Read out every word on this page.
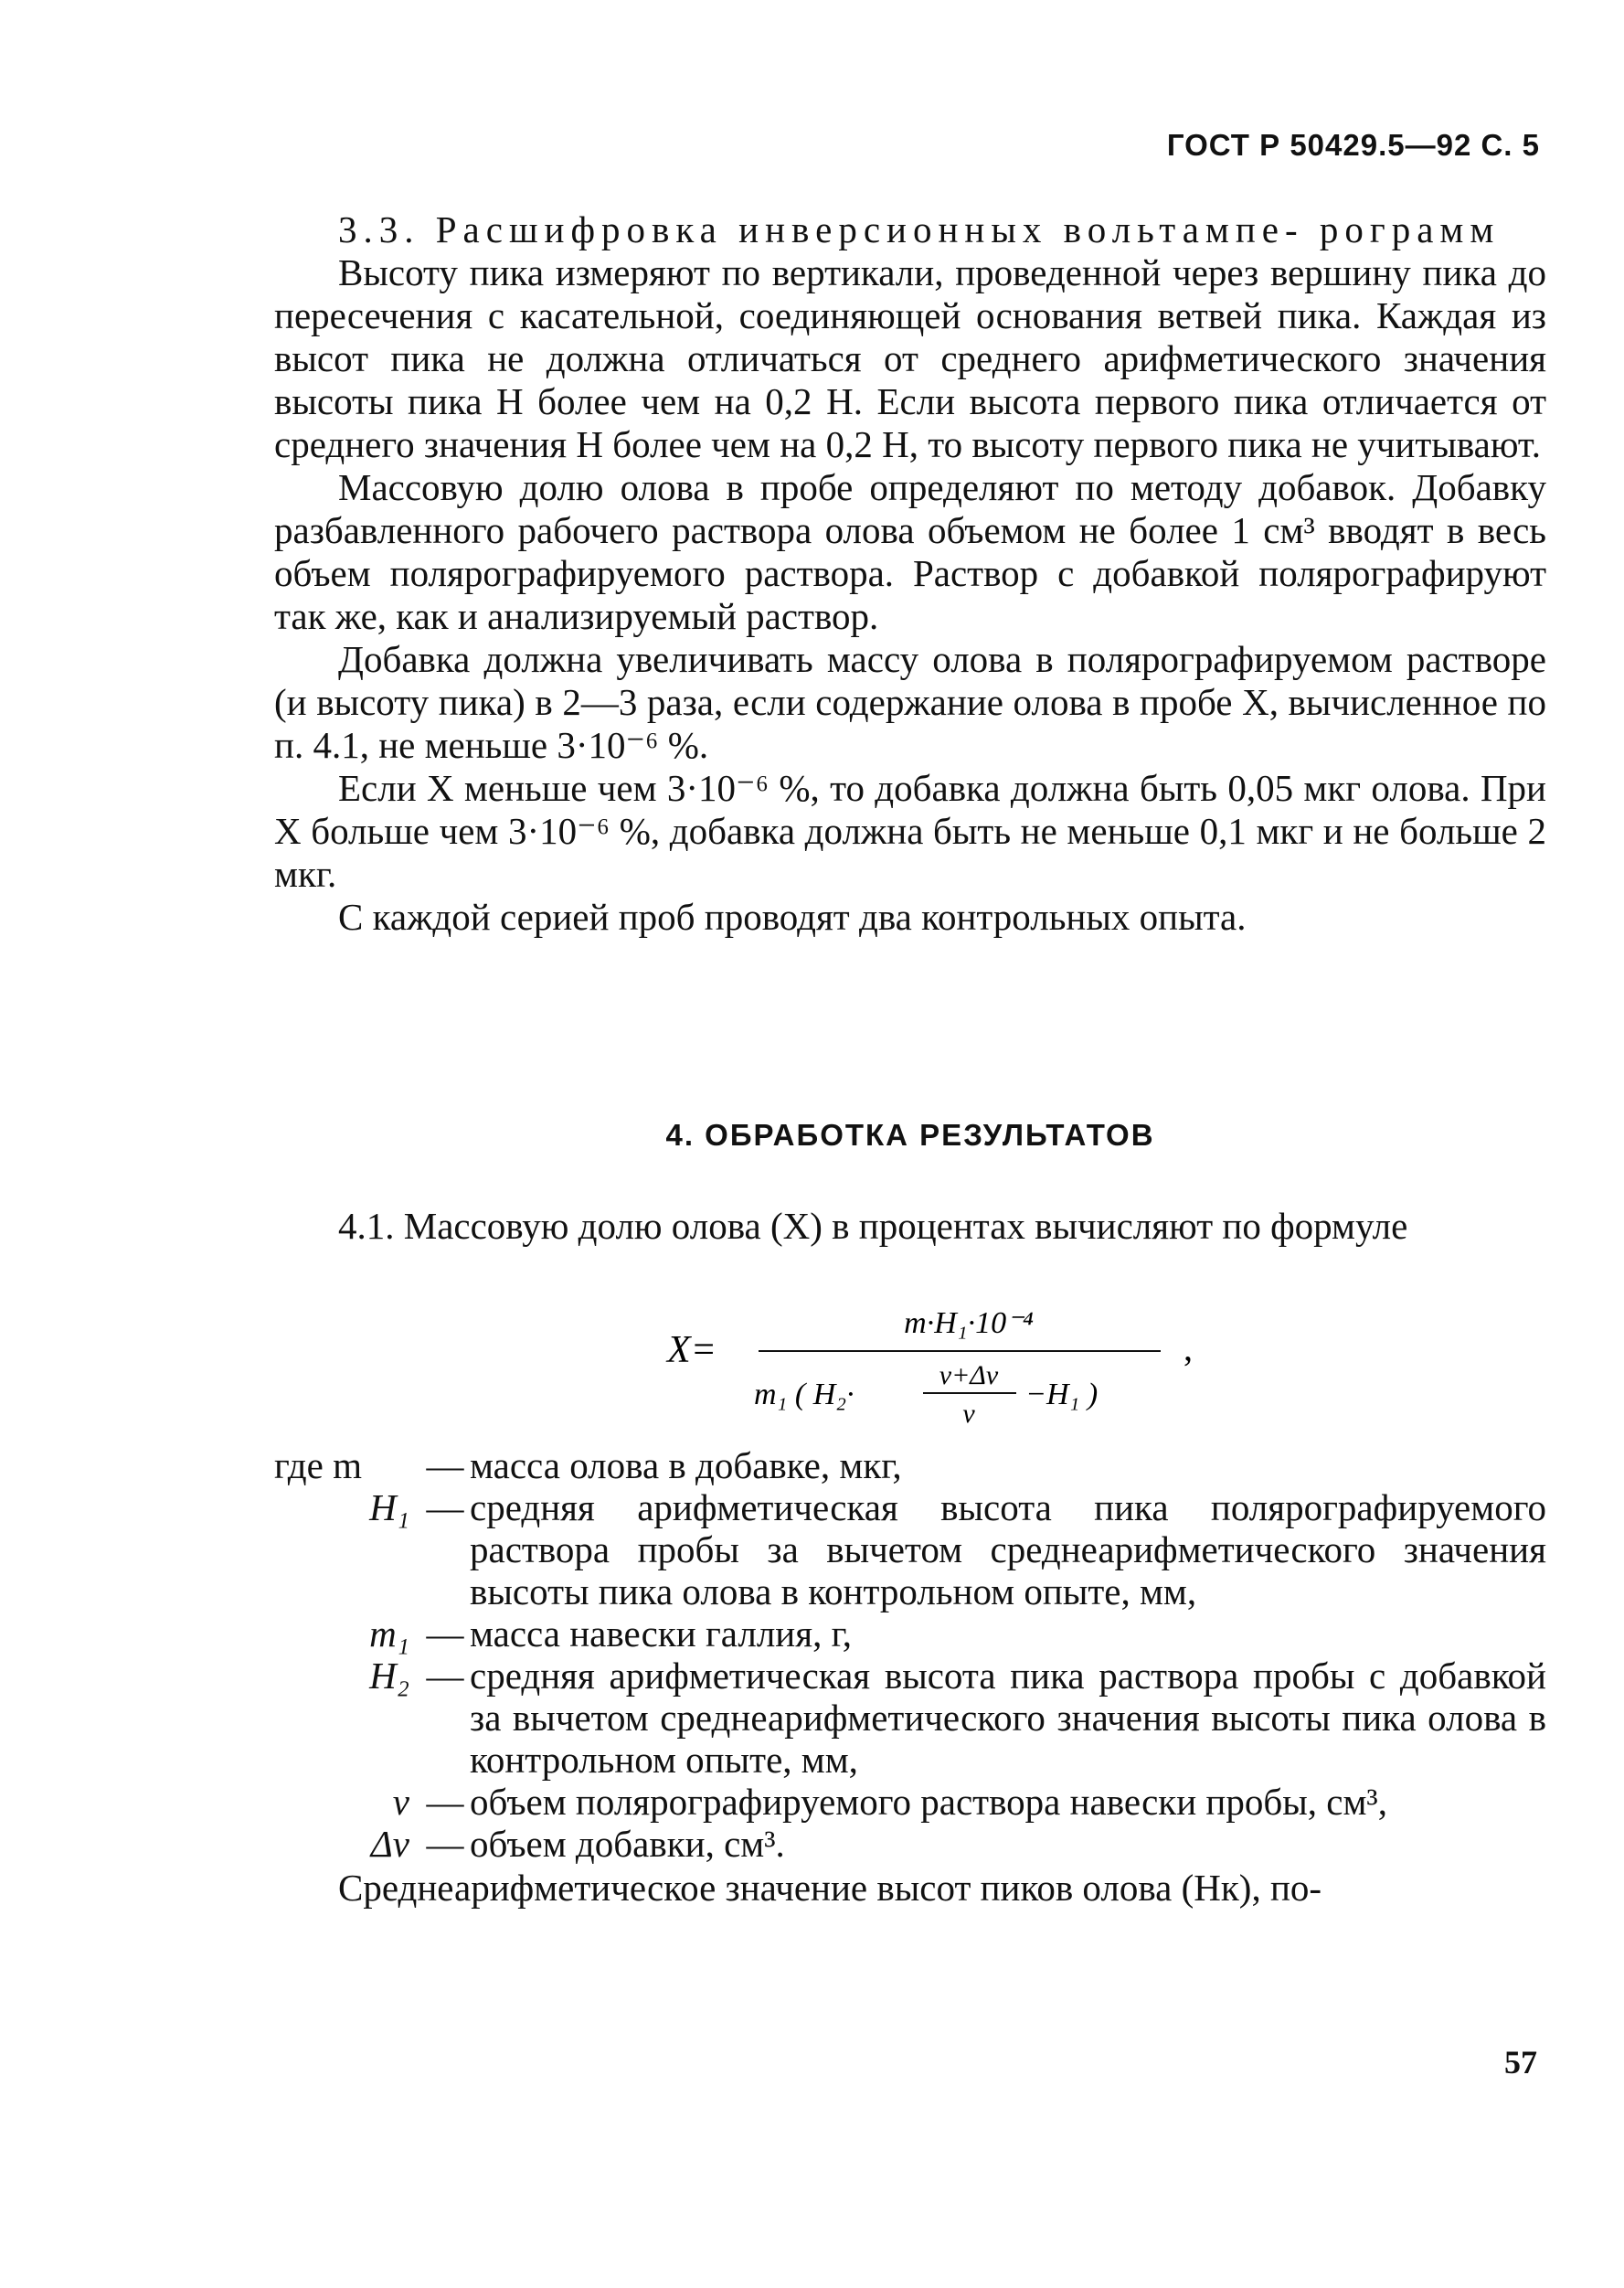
ГОСТ Р 50429.5—92 С. 5

3.3. Расшифровка инверсионных вольтампе- рограмм

Высоту пика измеряют по вертикали, проведенной через вершину пика до пересечения с касательной, соединяющей основания ветвей пика. Каждая из высот пика не должна отличаться от среднего арифметического значения высоты пика H более чем на 0,2 H. Если высота первого пика отличается от среднего значения H более чем на 0,2 H, то высоту первого пика не учитывают.

Массовую долю олова в пробе определяют по методу добавок. Добавку разбавленного рабочего раствора олова объемом не более 1 см³ вводят в весь объем полярографируемого раствора. Раствор с добавкой полярографируют так же, как и анализируемый раствор.

Добавка должна увеличивать массу олова в полярографируемом растворе (и высоту пика) в 2—3 раза, если содержание олова в пробе X, вычисленное по п. 4.1, не меньше 3·10⁻⁶ %.

Если X меньше чем 3·10⁻⁶ %, то добавка должна быть 0,05 мкг олова. При X больше чем 3·10⁻⁶ %, добавка должна быть не меньше 0,1 мкг и не больше 2 мкг.

С каждой серией проб проводят два контрольных опыта.

4. ОБРАБОТКА РЕЗУЛЬТАТОВ

4.1. Массовую долю олова (X) в процентах вычисляют по формуле

X=
m·H₁·10⁻⁴
m₁ ( H₂·
v+Δv
v
−H₁ )
,
где m	— масса олова в добавке, мкг,
H₁ — средняя арифметическая высота пика полярографируемого раствора пробы за вычетом среднеарифметического значения высоты пика олова в контрольном опыте, мм,
m₁ — масса навески галлия, г,
H₂ — средняя арифметическая высота пика раствора пробы с добавкой за вычетом среднеарифметического значения высоты пика олова в контрольном опыте, мм,
v — объем полярографируемого раствора навески пробы, см³,
Δv — объем добавки, см³.

Среднеарифметическое значение высот пиков олова (Hк), по-

57
